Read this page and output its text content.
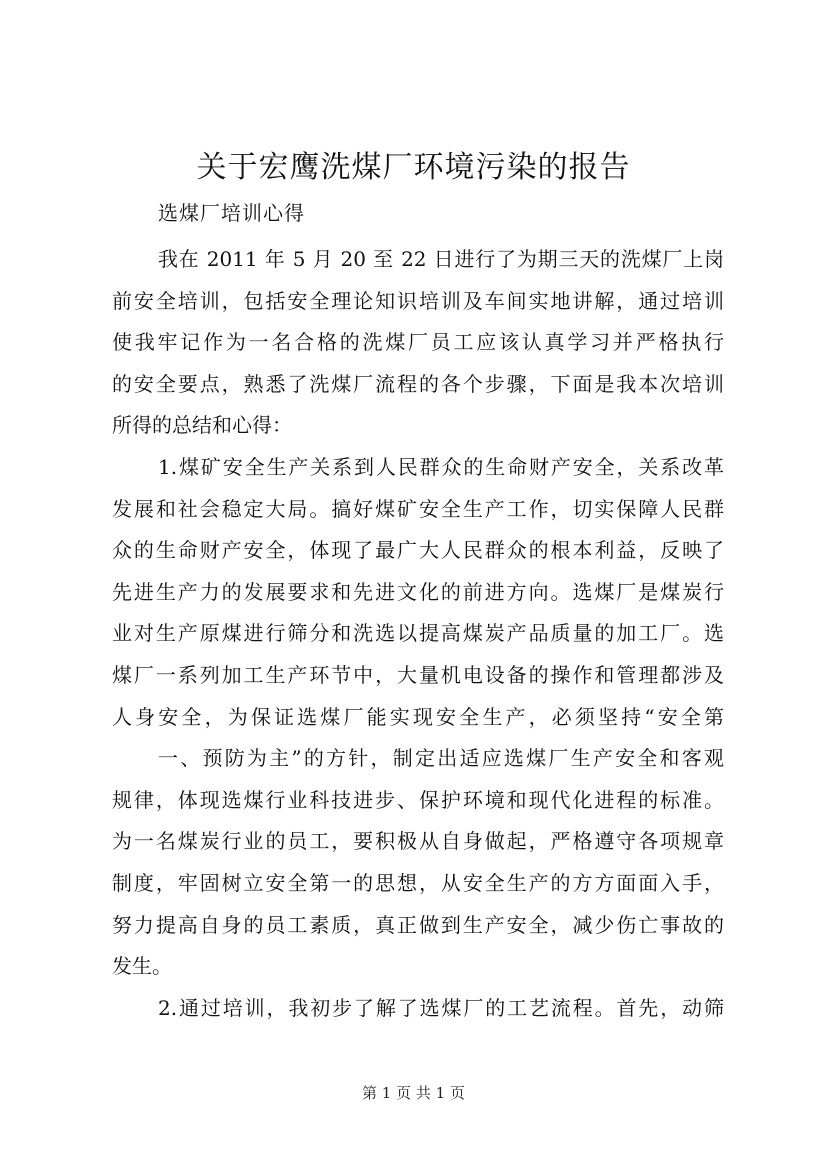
关于宏鹰洗煤厂环境污染的报告
选煤厂培训心得
我在 2011 年 5 月 20 至 22 日进行了为期三天的洗煤厂上岗
前安全培训，包括安全理论知识培训及车间实地讲解，通过培训
使我牢记作为一名合格的洗煤厂员工应该认真学习并严格执行
的安全要点，熟悉了洗煤厂流程的各个步骤，下面是我本次培训
所得的总结和心得：
1.煤矿安全生产关系到人民群众的生命财产安全，关系改革
发展和社会稳定大局。搞好煤矿安全生产工作，切实保障人民群
众的生命财产安全，体现了最广大人民群众的根本利益，反映了
先进生产力的发展要求和先进文化的前进方向。选煤厂是煤炭行
业对生产原煤进行筛分和洗选以提高煤炭产品质量的加工厂。选
煤厂一系列加工生产环节中，大量机电设备的操作和管理都涉及
人身安全，为保证选煤厂能实现安全生产，必须坚持“安全第
一、预防为主”的方针，制定出适应选煤厂生产安全和客观
规律，体现选煤行业科技进步、保护环境和现代化进程的标准。
为一名煤炭行业的员工，要积极从自身做起，严格遵守各项规章
制度，牢固树立安全第一的思想，从安全生产的方方面面入手，
努力提高自身的员工素质，真正做到生产安全，减少伤亡事故的
发生。
2.通过培训，我初步了解了选煤厂的工艺流程。首先，动筛
第 1 页 共 1 页
